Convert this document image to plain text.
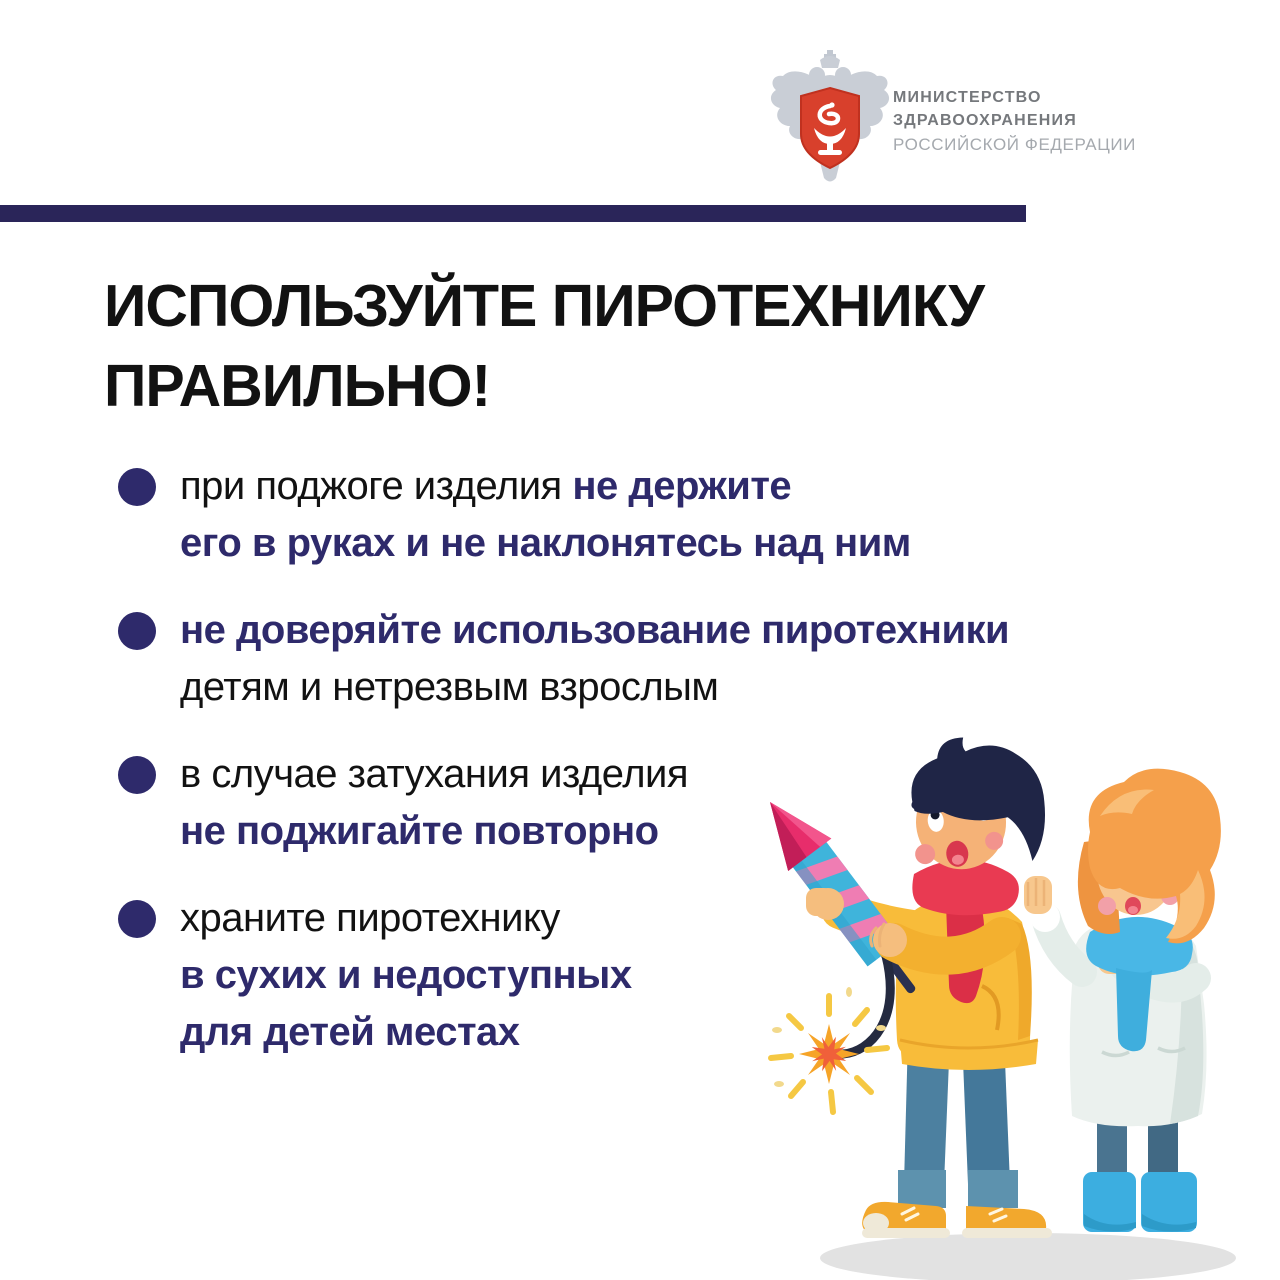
МИНИСТЕРСТВО
ЗДРАВООХРАНЕНИЯ
РОССИЙСКОЙ ФЕДЕРАЦИИ
ИСПОЛЬЗУЙТЕ ПИРОТЕХНИКУ
ПРАВИЛЬНО!
при поджоге изделия не держите
его в руках и не наклонятесь над ним
не доверяйте использование пиротехники
детям и нетрезвым взрослым
в случае затухания изделия
не поджигайте повторно
храните пиротехнику
в сухих и недоступных
для детей местах
